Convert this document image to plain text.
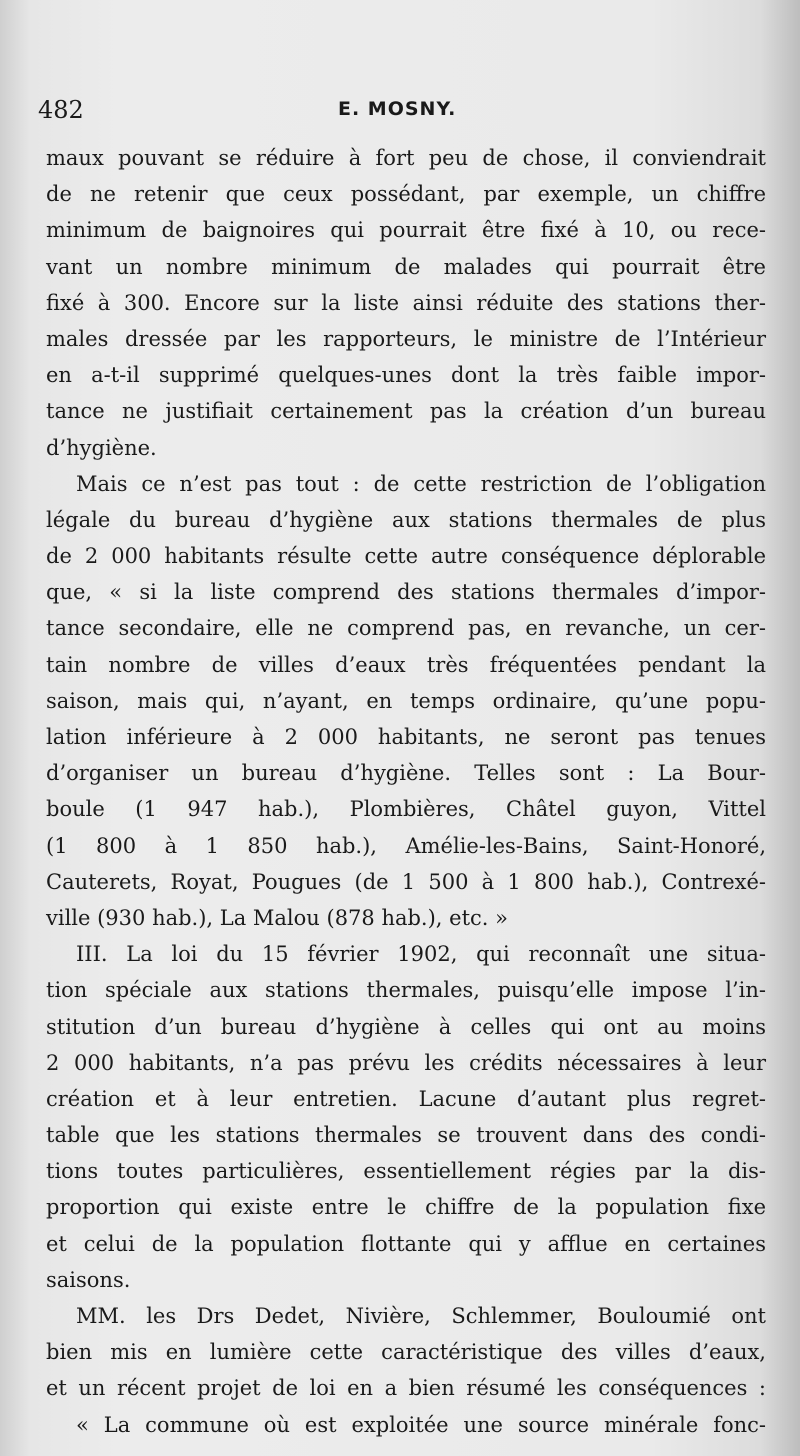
482	E. MOSNY.
maux pouvant se réduire à fort peu de chose, il conviendrait
de ne retenir que ceux possédant, par exemple, un chiffre
minimum de baignoires qui pourrait être fixé à 10, ou rece-
vant un nombre minimum de malades qui pourrait être
fixé à 300. Encore sur la liste ainsi réduite des stations ther-
males dressée par les rapporteurs, le ministre de l’Intérieur
en a-t-il supprimé quelques-unes dont la très faible impor-
tance ne justifiait certainement pas la création d’un bureau
d’hygiène.
Mais ce n’est pas tout : de cette restriction de l’obligation
légale du bureau d’hygiène aux stations thermales de plus
de 2 000 habitants résulte cette autre conséquence déplorable
que, « si la liste comprend des stations thermales d’impor-
tance secondaire, elle ne comprend pas, en revanche, un cer-
tain nombre de villes d’eaux très fréquentées pendant la
saison, mais qui, n’ayant, en temps ordinaire, qu’une popu-
lation inférieure à 2 000 habitants, ne seront pas tenues
d’organiser un bureau d’hygiène. Telles sont : La Bour-
boule (1 947 hab.), Plombières, Châtel guyon, Vittel
(1 800 à 1 850 hab.), Amélie-les-Bains, Saint-Honoré,
Cauterets, Royat, Pougues (de 1 500 à 1 800 hab.), Contrexé-
ville (930 hab.), La Malou (878 hab.), etc. »
III. La loi du 15 février 1902, qui reconnaît une situa-
tion spéciale aux stations thermales, puisqu’elle impose l’in-
stitution d’un bureau d’hygiène à celles qui ont au moins
2 000 habitants, n’a pas prévu les crédits nécessaires à leur
création et à leur entretien. Lacune d’autant plus regret-
table que les stations thermales se trouvent dans des condi-
tions toutes particulières, essentiellement régies par la dis-
proportion qui existe entre le chiffre de la population fixe
et celui de la population flottante qui y afflue en certaines
saisons.
MM. les Drs Dedet, Nivière, Schlemmer, Bouloumié ont
bien mis en lumière cette caractéristique des villes d’eaux,
et un récent projet de loi en a bien résumé les conséquences :
« La commune où est exploitée une source minérale fonc-
